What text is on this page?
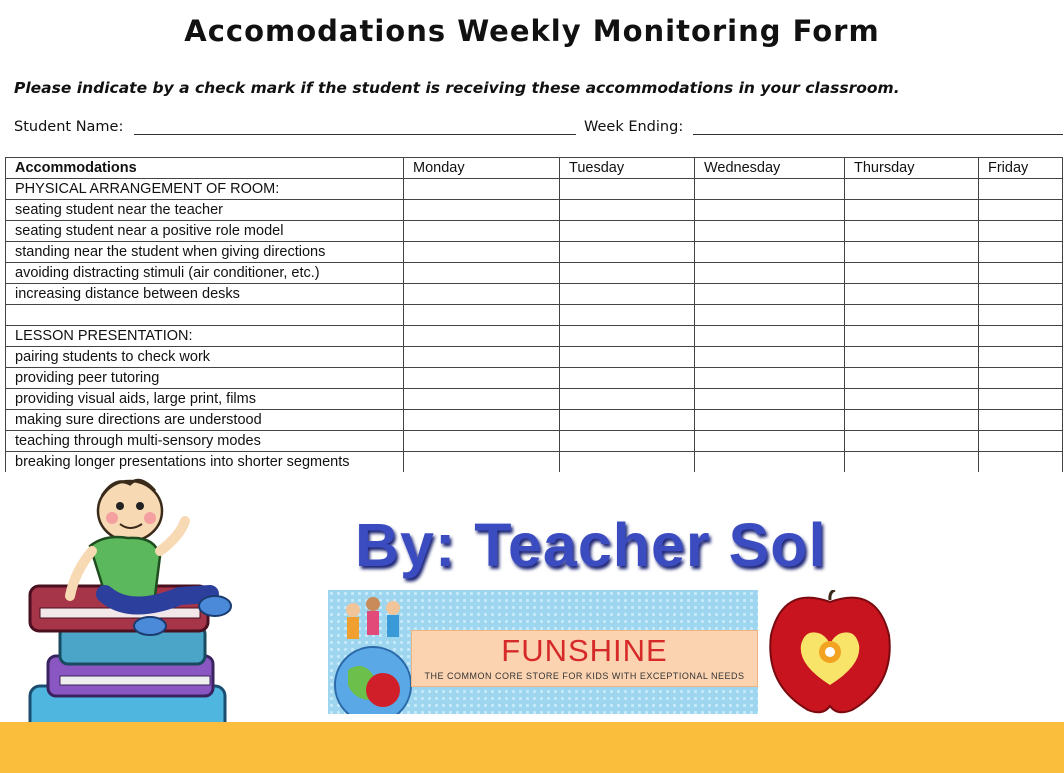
Accomodations Weekly Monitoring Form
Please indicate by a check mark if the student is receiving these accommodations in your classroom.
Student Name:	Week Ending:
Accommodations	Monday	Tuesday	Wednesday	Thursday	Friday
PHYSICAL ARRANGEMENT OF ROOM:					
seating student near the teacher					
seating student near a positive role model					
standing near the student when giving directions					
avoiding distracting stimuli (air conditioner, etc.)					
increasing distance between desks					

LESSON PRESENTATION:					
pairing students to check work					
providing peer tutoring					
providing visual aids, large print, films					
making sure directions are understood					
teaching through multi-sensory modes					
breaking longer presentations into shorter segments					
By: Teacher Sol
FUNSHINE
THE COMMON CORE STORE FOR KIDS WITH EXCEPTIONAL NEEDS
